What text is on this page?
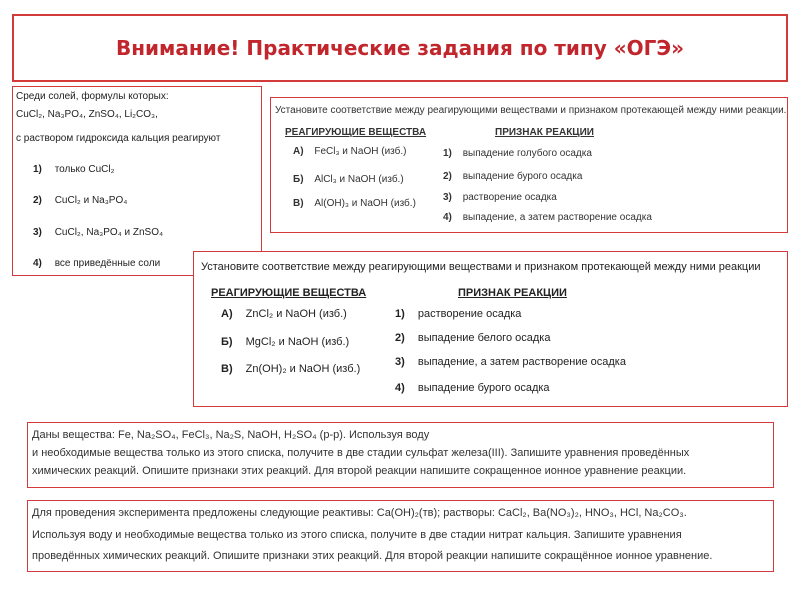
Внимание! Практические задания по типу «ОГЭ»
Среди солей, формулы которых:
CuCl₂, Na₃PO₄, ZnSO₄, Li₂CO₃,
с раствором гидроксида кальция реагируют
1) только CuCl₂
2) CuCl₂ и Na₃PO₄
3) CuCl₂, Na₃PO₄ и ZnSO₄
4) все приведённые соли
Установите соответствие между реагирующими веществами и признаком протекающей между ними реакции.
РЕАГИРУЮЩИЕ ВЕЩЕСТВА	ПРИЗНАК РЕАКЦИИ
А) FeCl₃ и NaOH (изб.)
Б) AlCl₃ и NaOH (изб.)
В) Al(OH)₃ и NaOH (изб.)
1) выпадение голубого осадка
2) выпадение бурого осадка
3) растворение осадка
4) выпадение, а затем растворение осадка
Установите соответствие между реагирующими веществами и признаком протекающей между ними реакции
РЕАГИРУЮЩИЕ ВЕЩЕСТВА	ПРИЗНАК РЕАКЦИИ
А) ZnCl₂ и NaOH (изб.)
Б) MgCl₂ и NaOH (изб.)
В) Zn(OH)₂ и NaOH (изб.)
1) растворение осадка
2) выпадение белого осадка
3) выпадение, а затем растворение осадка
4) выпадение бурого осадка
Даны вещества: Fe, Na₂SO₄, FeCl₃, Na₂S, NaOH, H₂SO₄ (р-р). Используя воду
и необходимые вещества только из этого списка, получите в две стадии сульфат железа(III). Запишите уравнения проведённых
химических реакций. Опишите признаки этих реакций. Для второй реакции напишите сокращенное ионное уравнение реакции.
Для проведения эксперимента предложены следующие реактивы: Ca(OH)₂(тв); растворы: CaCl₂, Ba(NO₃)₂, HNO₃, HCl, Na₂CO₃.
Используя воду и необходимые вещества только из этого списка, получите в две стадии нитрат кальция. Запишите уравнения
проведённых химических реакций. Опишите признаки этих реакций. Для второй реакции напишите сокращённое ионное уравнение.
